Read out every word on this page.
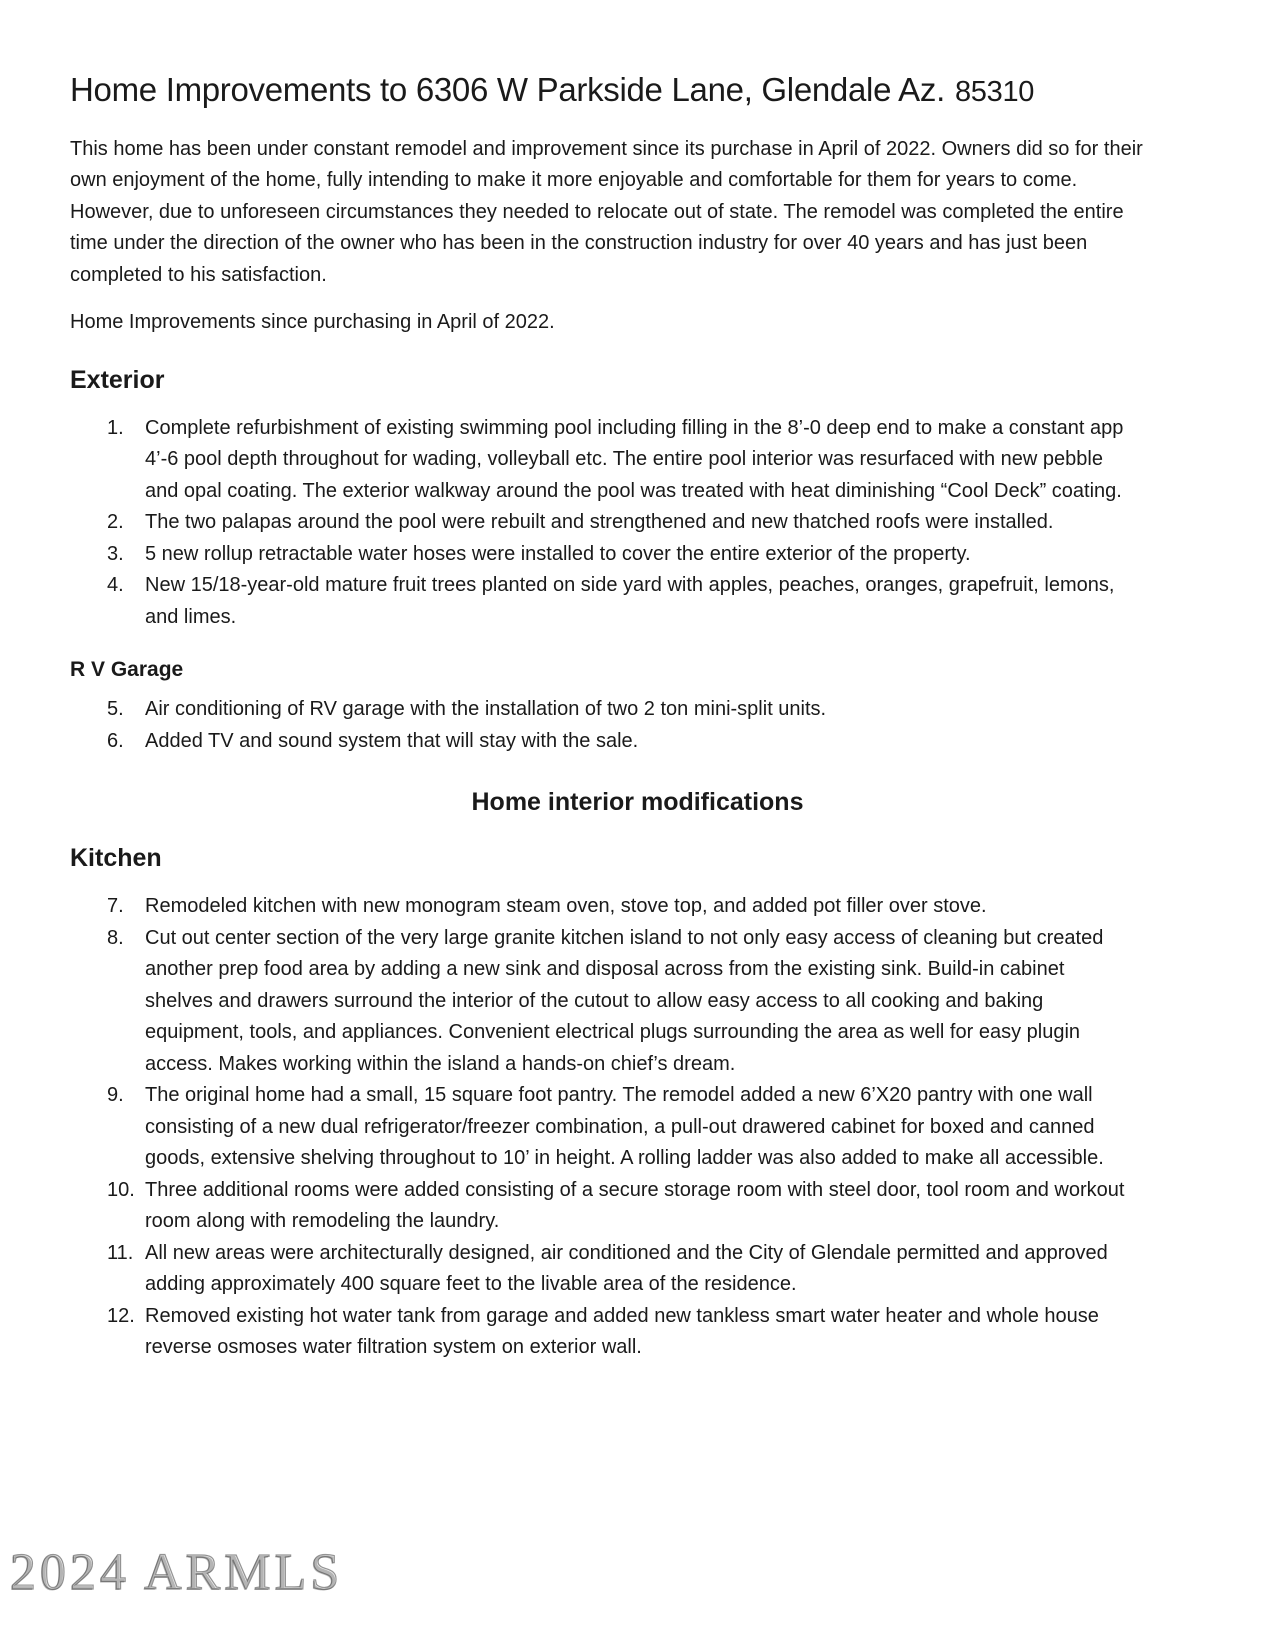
Home Improvements to 6306 W Parkside Lane, Glendale Az. 85310

This home has been under constant remodel and improvement since its purchase in April of 2022. Owners did so for their own enjoyment of the home, fully intending to make it more enjoyable and comfortable for them for years to come. However, due to unforeseen circumstances they needed to relocate out of state. The remodel was completed the entire time under the direction of the owner who has been in the construction industry for over 40 years and has just been completed to his satisfaction.

Home Improvements since purchasing in April of 2022.

Exterior
1.	Complete refurbishment of existing swimming pool including filling in the 8’-0 deep end to make a constant app 4’-6 pool depth throughout for wading, volleyball etc. The entire pool interior was resurfaced with new pebble and opal coating. The exterior walkway around the pool was treated with heat diminishing “Cool Deck” coating.
2.	The two palapas around the pool were rebuilt and strengthened and new thatched roofs were installed.
3.	5 new rollup retractable water hoses were installed to cover the entire exterior of the property.
4.	New 15/18-year-old mature fruit trees planted on side yard with apples, peaches, oranges, grapefruit, lemons, and limes.
R V Garage
5.	Air conditioning of RV garage with the installation of two 2 ton mini-split units.
6.	Added TV and sound system that will stay with the sale.
Home interior modifications
Kitchen
7.	Remodeled kitchen with new monogram steam oven, stove top, and added pot filler over stove.
8.	Cut out center section of the very large granite kitchen island to not only easy access of cleaning but created another prep food area by adding a new sink and disposal across from the existing sink. Build-in cabinet shelves and drawers surround the interior of the cutout to allow easy access to all cooking and baking equipment, tools, and appliances. Convenient electrical plugs surrounding the area as well for easy plugin access. Makes working within the island a hands-on chief’s dream.
9.	The original home had a small, 15 square foot pantry. The remodel added a new 6’X20 pantry with one wall consisting of a new dual refrigerator/freezer combination, a pull-out drawered cabinet for boxed and canned goods, extensive shelving throughout to 10’ in height. A rolling ladder was also added to make all accessible.
10. Three additional rooms were added consisting of a secure storage room with steel door, tool room and workout room along with remodeling the laundry.
11. All new areas were architecturally designed, air conditioned and the City of Glendale permitted and approved adding approximately 400 square feet to the livable area of the residence.
12. Removed existing hot water tank from garage and added new tankless smart water heater and whole house reverse osmoses water filtration system on exterior wall.
2024 ARMLS
